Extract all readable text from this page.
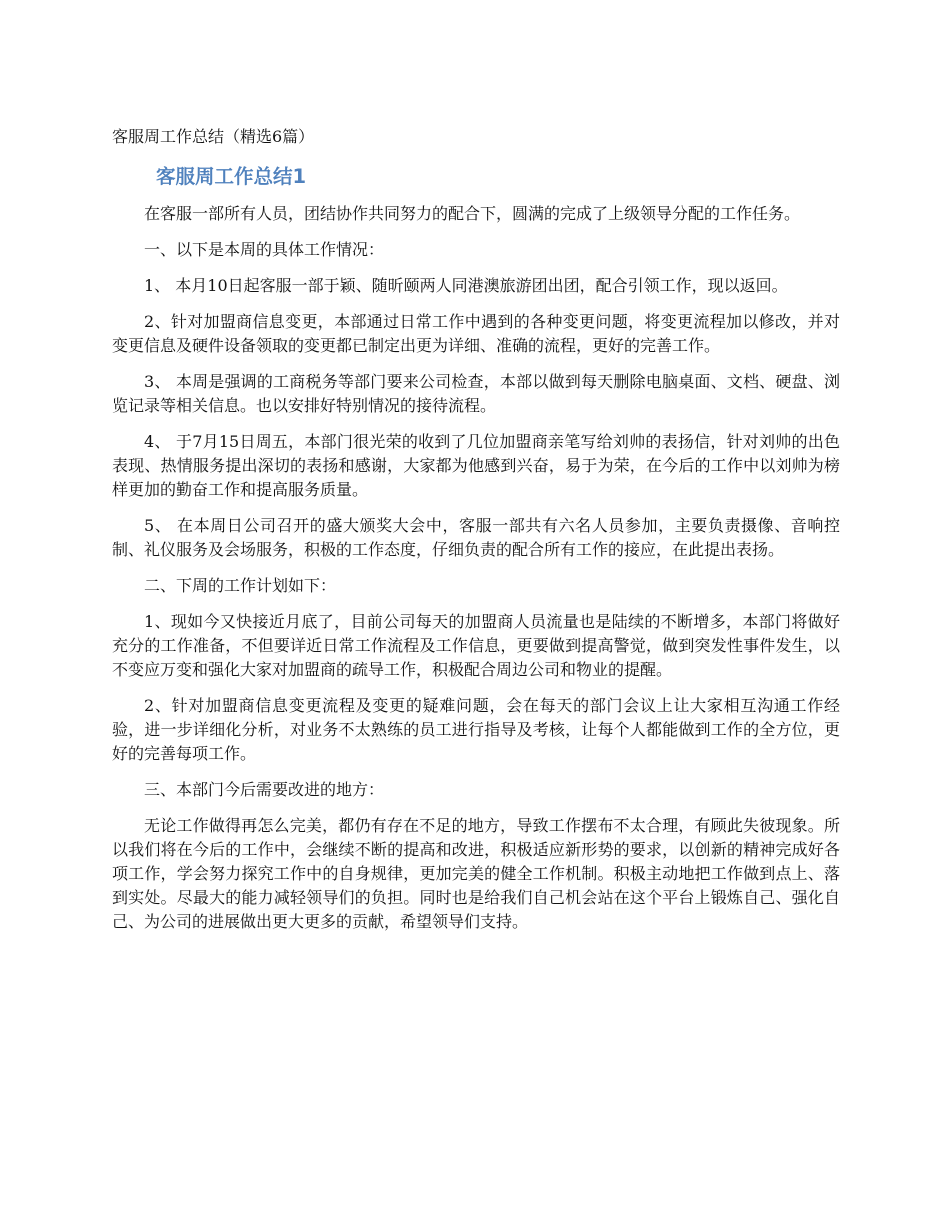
客服周工作总结（精选6篇）
客服周工作总结1

在客服一部所有人员，团结协作共同努力的配合下，圆满的完成了上级领导分配的工作任务。

一、以下是本周的具体工作情况：

1、 本月10日起客服一部于颖、随昕颐两人同港澳旅游团出团，配合引领工作，现以返回。

2、针对加盟商信息变更，本部通过日常工作中遇到的各种变更问题，将变更流程加以修改，并对变更信息及硬件设备领取的变更都已制定出更为详细、准确的流程，更好的完善工作。

3、 本周是强调的工商税务等部门要来公司检查，本部以做到每天删除电脑桌面、文档、硬盘、浏览记录等相关信息。也以安排好特别情况的接待流程。

4、 于7月15日周五，本部门很光荣的收到了几位加盟商亲笔写给刘帅的表扬信，针对刘帅的出色表现、热情服务提出深切的表扬和感谢，大家都为他感到兴奋，易于为荣，在今后的工作中以刘帅为榜样更加的勤奋工作和提高服务质量。

5、 在本周日公司召开的盛大颁奖大会中，客服一部共有六名人员参加，主要负责摄像、音响控制、礼仪服务及会场服务，积极的工作态度，仔细负责的配合所有工作的接应，在此提出表扬。

二、下周的工作计划如下：

1、现如今又快接近月底了，目前公司每天的加盟商人员流量也是陆续的不断增多，本部门将做好充分的工作准备，不但要详近日常工作流程及工作信息，更要做到提高警觉，做到突发性事件发生，以不变应万变和强化大家对加盟商的疏导工作，积极配合周边公司和物业的提醒。

2、针对加盟商信息变更流程及变更的疑难问题，会在每天的部门会议上让大家相互沟通工作经验，进一步详细化分析，对业务不太熟练的员工进行指导及考核，让每个人都能做到工作的全方位，更好的完善每项工作。

三、本部门今后需要改进的地方：

无论工作做得再怎么完美，都仍有存在不足的地方，导致工作摆布不太合理，有顾此失彼现象。所以我们将在今后的工作中，会继续不断的提高和改进，积极适应新形势的要求，以创新的精神完成好各项工作，学会努力探究工作中的自身规律，更加完美的健全工作机制。积极主动地把工作做到点上、落到实处。尽最大的能力减轻领导们的负担。同时也是给我们自己机会站在这个平台上锻炼自己、强化自己、为公司的进展做出更大更多的贡献，希望领导们支持。
